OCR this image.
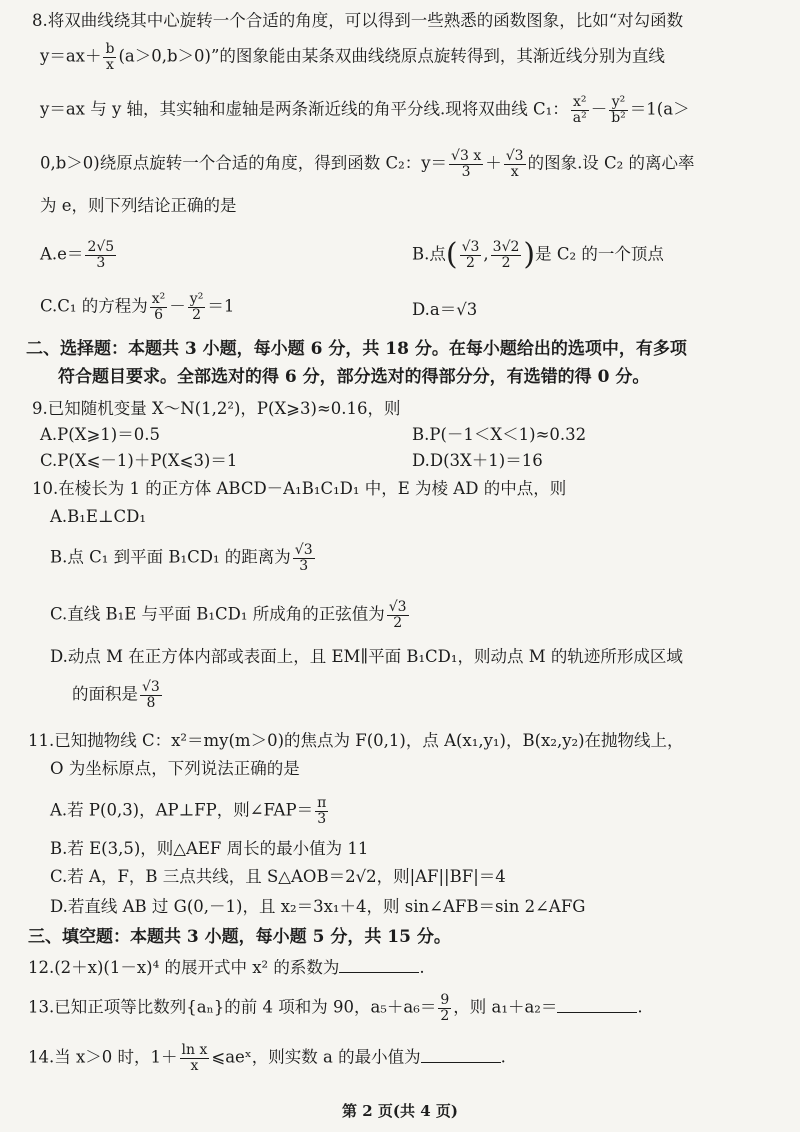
8.将双曲线绕其中心旋转一个合适的角度，可以得到一些熟悉的函数图象，比如“对勾函数
$y=ax+ \frac{b}{x} (a>0,b>0)$”的图象能由某条双曲线绕原点旋转得到，其渐近线分别为直线
y＝ax 与 y 轴，其实轴和虚轴是两条渐近线的角平分线.现将双曲线 C₁： $\frac{\text{x²}}{\text{a²}} - \frac{\text{y²}}{\text{b²}} =1(a>$
0,b＞0)绕原点旋转一个合适的角度，得到函数 C₂：$y= \frac{√3 x}{3} + \frac{√3}{x}$ 的图象.设 C₂ 的离心率
为 e，则下列结论正确的是
$A.e= \frac{2√5}{3}$	B.点( $\frac{√3}{2}$ , $\frac{3√2}{2}$ )是 C₂ 的一个顶点
C.C₁ 的方程为 $\frac{\text{x²}}{6} - \frac{\text{y²}}{2} =1$	D.a＝√3
二、选择题：本题共 3 小题，每小题 6 分，共 18 分。在每小题给出的选项中，有多项
符合题目要求。全部选对的得 6 分，部分选对的得部分分，有选错的得 0 分。
9.已知随机变量 X～N(1,2²)，P(X⩾3)≈0.16，则
A.P(X⩾1)＝0.5	B.P(－1＜X＜1)≈0.32
C.P(X⩽－1)＋P(X⩽3)＝1	D.D(3X＋1)＝16
10.在棱长为 1 的正方体 ABCD－A₁B₁C₁D₁ 中，E 为棱 AD 的中点，则
A.B₁E⊥CD₁
B.点 C₁ 到平面 B₁CD₁ 的距离为 $\frac{√3}{3}$
C.直线 B₁E 与平面 B₁CD₁ 所成角的正弦值为 $\frac{√3}{2}$
D.动点 M 在正方体内部或表面上，且 EM∥平面 B₁CD₁，则动点 M 的轨迹所形成区域
的面积是 $\frac{√3}{8}$
11.已知抛物线 C：x²＝my(m＞0)的焦点为 F(0,1)，点 A(x₁,y₁)，B(x₂,y₂)在抛物线上，
O 为坐标原点，下列说法正确的是
A.若 P(0,3)，AP⊥FP，则∠FAP＝ $\frac{\pi}{3}$
B.若 E(3,5)，则△AEF 周长的最小值为 11
C.若 A，F，B 三点共线，且 S△AOB＝2√2，则|AF||BF|＝4
D.若直线 AB 过 G(0,－1)，且 x₂＝3x₁＋4，则 sin∠AFB＝sin 2∠AFG
三、填空题：本题共 3 小题，每小题 5 分，共 15 分。
12.(2＋x)(1－x)⁴ 的展开式中 x² 的系数为	.
13.已知正项等比数列{aₙ}的前 4 项和为 90，$a_5+a_6= \frac{9}{2}$ ，则 a₁＋a₂＝	.
14.当 x＞0 时，$1+ \frac{\text{ln x}}{x}$ ⩽aeˣ，则实数 a 的最小值为	.
第 2 页(共 4 页)
